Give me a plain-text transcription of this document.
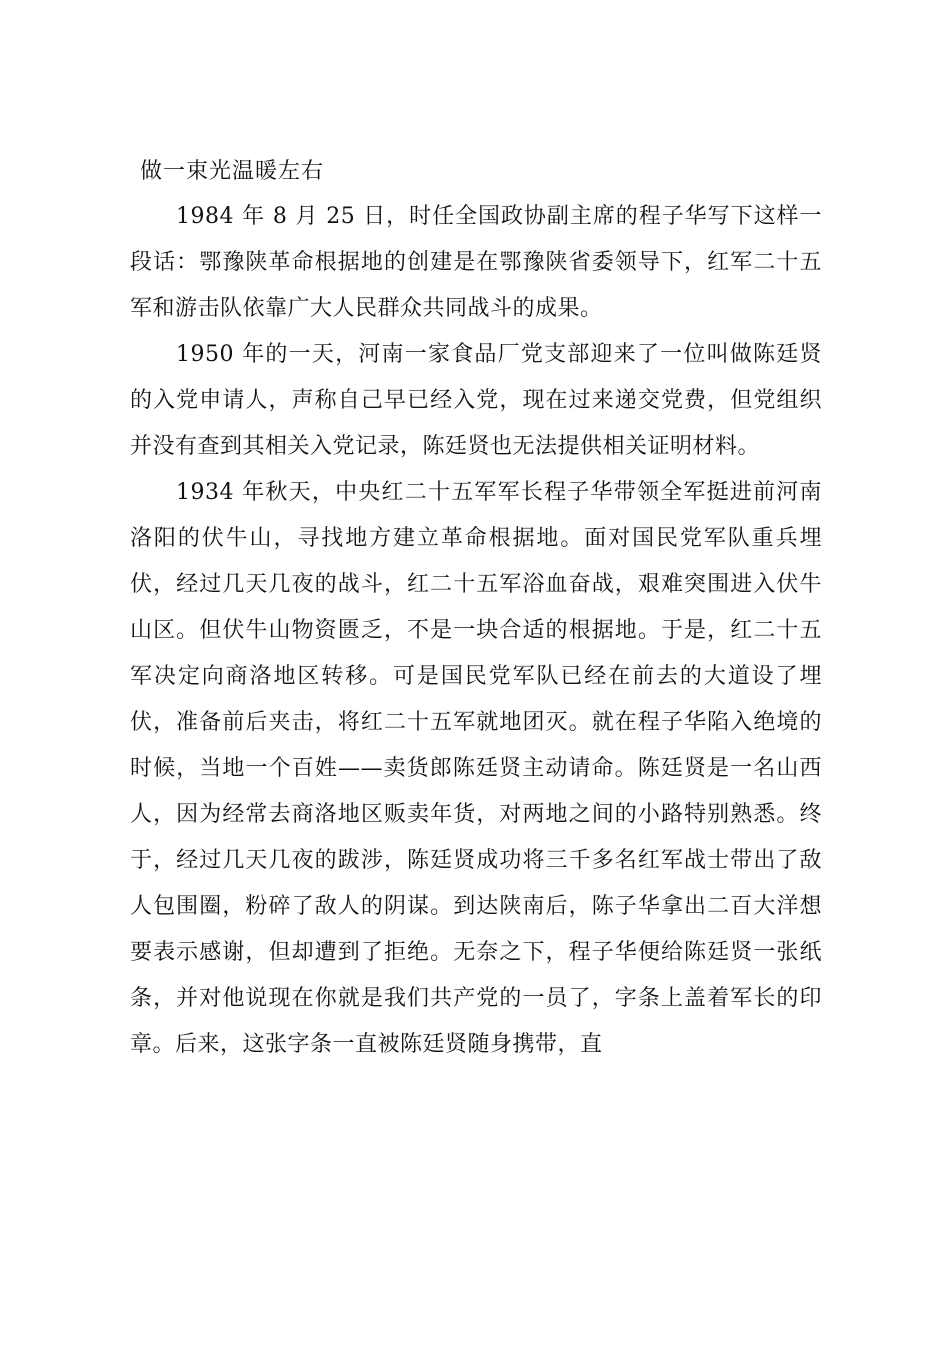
做一束光温暖左右

1984 年 8 月 25 日，时任全国政协副主席的程子华写下这样一段话：鄂豫陕革命根据地的创建是在鄂豫陕省委领导下，红军二十五军和游击队依靠广大人民群众共同战斗的成果。

1950 年的一天，河南一家食品厂党支部迎来了一位叫做陈廷贤的入党申请人，声称自己早已经入党，现在过来递交党费，但党组织并没有查到其相关入党记录，陈廷贤也无法提供相关证明材料。

1934 年秋天，中央红二十五军军长程子华带领全军挺进前河南洛阳的伏牛山，寻找地方建立革命根据地。面对国民党军队重兵埋伏，经过几天几夜的战斗，红二十五军浴血奋战，艰难突围进入伏牛山区。但伏牛山物资匮乏，不是一块合适的根据地。于是，红二十五军决定向商洛地区转移。可是国民党军队已经在前去的大道设了埋伏，准备前后夹击，将红二十五军就地团灭。就在程子华陷入绝境的时候，当地一个百姓——卖货郎陈廷贤主动请命。陈廷贤是一名山西人，因为经常去商洛地区贩卖年货，对两地之间的小路特别熟悉。终于，经过几天几夜的跋涉，陈廷贤成功将三千多名红军战士带出了敌人包围圈，粉碎了敌人的阴谋。到达陕南后，陈子华拿出二百大洋想要表示感谢，但却遭到了拒绝。无奈之下，程子华便给陈廷贤一张纸条，并对他说现在你就是我们共产党的一员了，字条上盖着军长的印章。后来，这张字条一直被陈廷贤随身携带，直
